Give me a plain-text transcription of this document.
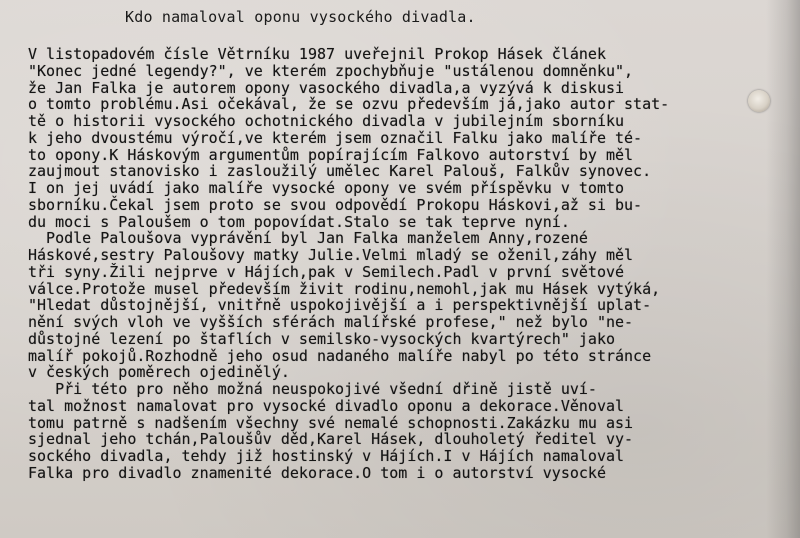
Kdo namaloval oponu vysockého divadla.
V listopadovém čísle Větrníku 1987 uveřejnil Prokop Hásek článek
"Konec jedné legendy?", ve kterém zpochybňuje "ustálenou domněnku",
že Jan Falka je autorem opony vasockého divadla,a vyzývá k diskusi
o tomto problému.Asi očekával, že se ozvu především já,jako autor stat-
tě o historii vysockého ochotnického divadla v jubilejním sborníku
k jeho dvoustému výročí,ve kterém jsem označil Falku jako malíře té-
to opony.K Háskovým argumentům popírajícím Falkovo autorství by měl
zaujmout stanovisko i zasloužilý umělec Karel Palouš, Falkův synovec.
I on jej uvádí jako malíře vysocké opony ve svém příspěvku v tomto
sborníku.Čekal jsem proto se svou odpovědí Prokopu Háskovi,až si bu-
du moci s Paloušem o tom popovídat.Stalo se tak teprve nyní.
Podle Paloušova vyprávění byl Jan Falka manželem Anny,rozené
Háskové,sestry Paloušovy matky Julie.Velmi mladý se oženil,záhy měl
tři syny.Žili nejprve v Hájích,pak v Semilech.Padl v první světové
válce.Protože musel především živit rodinu,nemohl,jak mu Hásek vytýká,
"Hledat důstojnější, vnitřně uspokojivější a i perspektivnější uplat-
nění svých vloh ve vyšších sférách malířské profese," než bylo "ne-
důstojné lezení po štaflích v semilsko-vysockých kvartýrech" jako
malíř pokojů.Rozhodně jeho osud nadaného malíře nabyl po této stránce
v českých poměrech ojedinělý.
Při této pro něho možná neuspokojivé všední dřině jistě uví-
tal možnost namalovat pro vysocké divadlo oponu a dekorace.Věnoval
tomu patrně s nadšením všechny své nemalé schopnosti.Zakázku mu asi
sjednal jeho tchán,Paloušův děd,Karel Hásek, dlouholetý ředitel vy-
sockého divadla, tehdy již hostinský v Hájích.I v Hájích namaloval
Falka pro divadlo znamenité dekorace.O tom i o autorství vysocké
